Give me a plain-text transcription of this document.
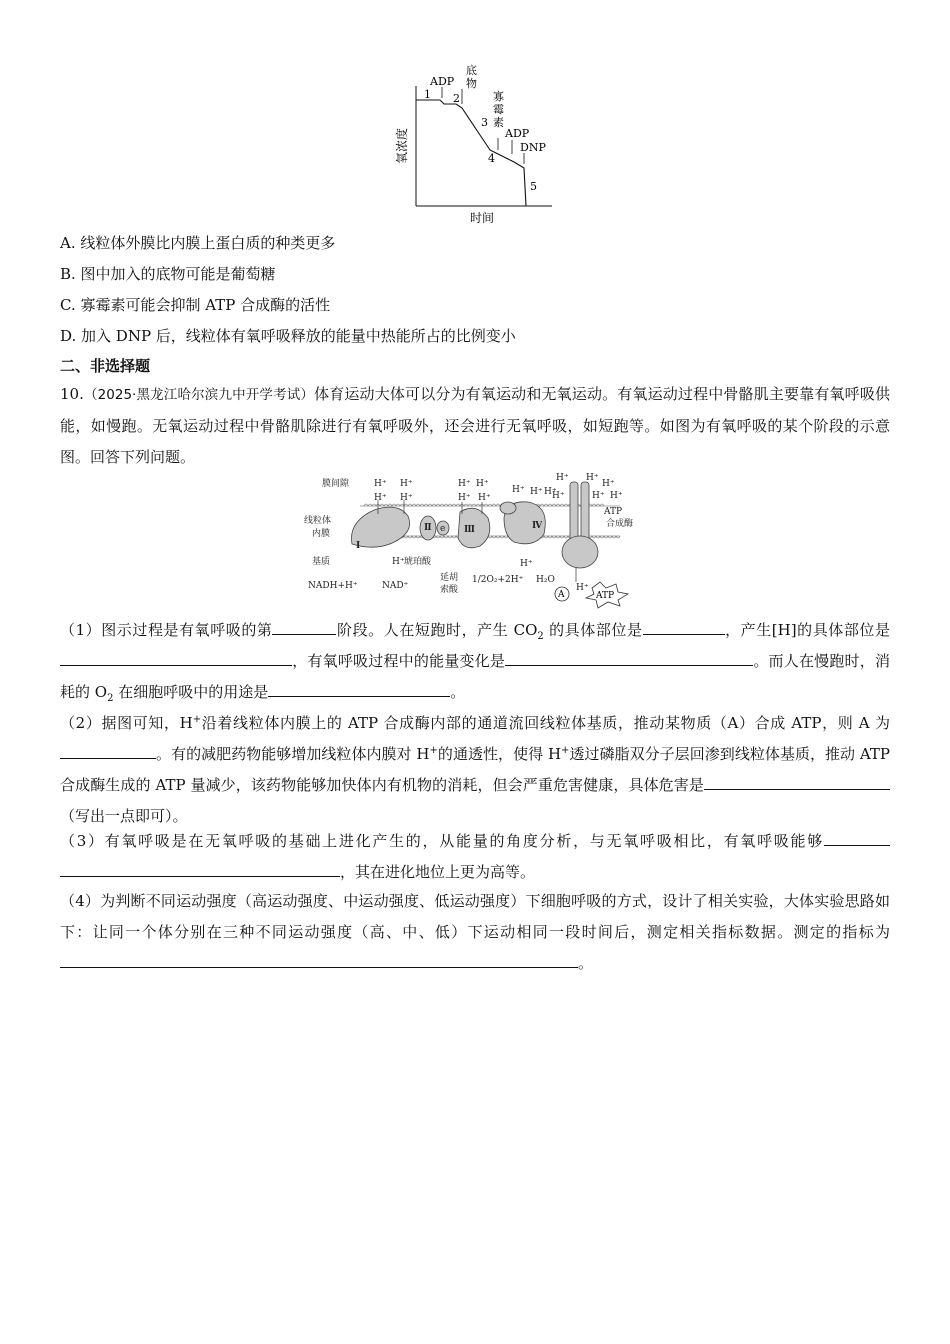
氧浓度
时间
1 2
3
4
5
ADP
底
物
寡
霉
素
ADP
DNP
A. 线粒体外膜比内膜上蛋白质的种类更多
B. 图中加入的底物可能是葡萄糖
C. 寡霉素可能会抑制 ATP 合成酶的活性
D. 加入 DNP 后，线粒体有氧呼吸释放的能量中热能所占的比例变小
二、非选择题

10.（2025·黑龙江哈尔滨九中开学考试）体育运动大体可以分为有氧运动和无氧运动。有氧运动过程中骨骼肌主要靠有氧呼吸供能，如慢跑。无氧运动过程中骨骼肌除进行有氧呼吸外，还会进行无氧呼吸，如短跑等。如图为有氧呼吸的某个阶段的示意图。回答下列问题。

膜间隙
线粒体
内膜
基质
NADH+H⁺	NAD⁺
H⁺ 琥珀酸
延胡
索酸
1/2O₂+2H⁺
H⁺
H₂O
ATP
合成酶
H⁺
H⁺ H⁺
H⁺ H⁺
H⁺ H⁺
H⁺ H⁺
H⁺ H⁺ H⁺
H⁺ H⁺
H⁺
H⁺ H⁺
H⁺
Ⅰ
Ⅱ e Ⅲ	Ⅳ
A	ATP

（1）图示过程是有氧呼吸的第	阶段。人在短跑时，产生 $CO_2$ 的具体部位是	，产生[H]的具体部位是，有氧呼吸过程中的能量变化是	。而人在慢跑时，消耗的 $O_2$ 在细胞呼吸中的用途是	。

（2）据图可知，H+沿着线粒体内膜上的 ATP 合成酶内部的通道流回线粒体基质，推动某物质（A）合成 ATP，则 A 为。有的减肥药物能够增加线粒体内膜对 H+的通透性，使得 H+透过磷脂双分子层回渗到线粒体基质，推动 ATP 合成酶生成的 ATP 量减少，该药物能够加快体内有机物的消耗，但会严重危害健康，具体危害是（写出一点即可）。

（3）有氧呼吸是在无氧呼吸的基础上进化产生的，从能量的角度分析，与无氧呼吸相比，有氧呼吸能够，其在进化地位上更为高等。

（4）为判断不同运动强度（高运动强度、中运动强度、低运动强度）下细胞呼吸的方式，设计了相关实验，大体实验思路如下：让同一个体分别在三种不同运动强度（高、中、低）下运动相同一段时间后，测定相关指标数据。测定的指标为。
